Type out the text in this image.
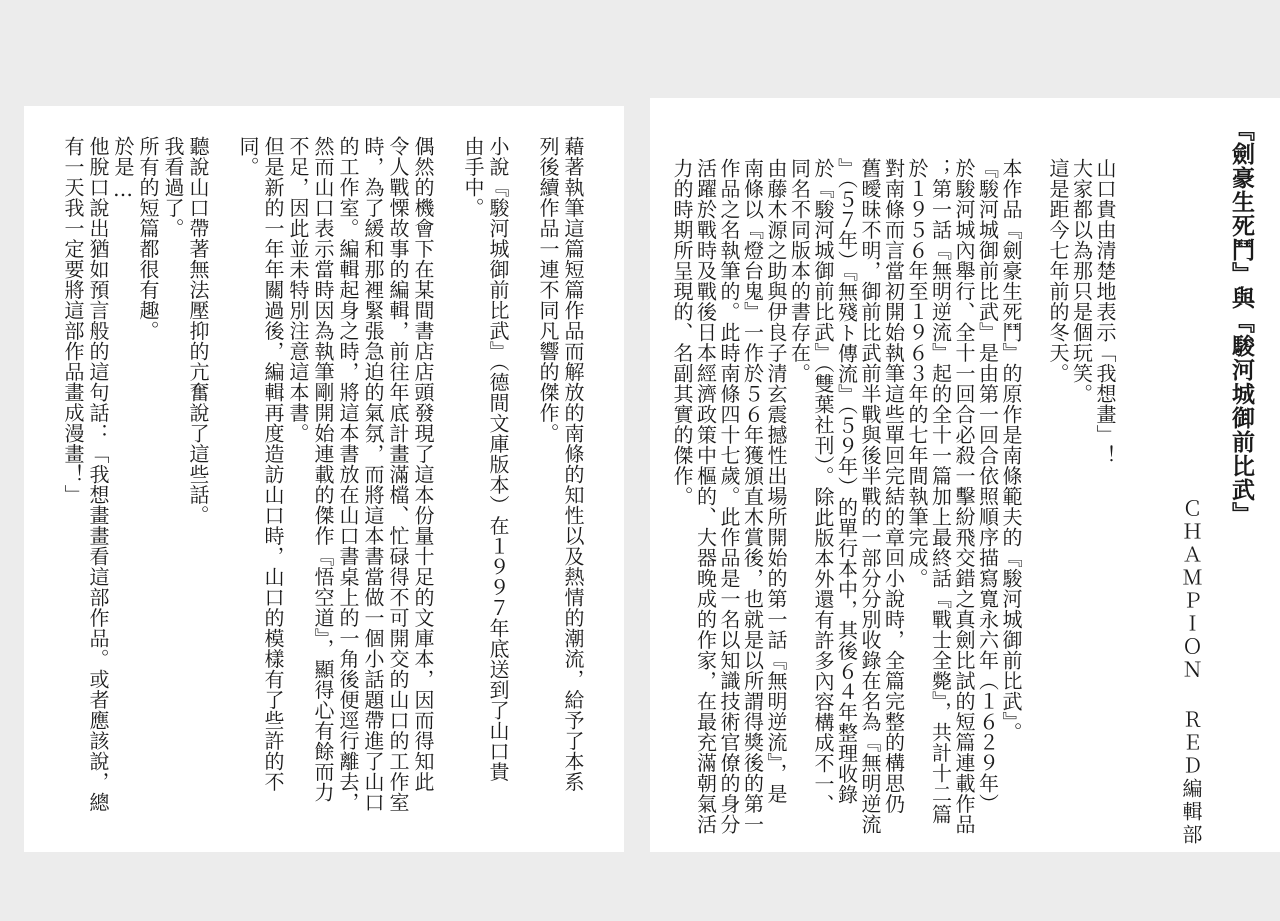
『劍豪生死鬥』與『駿河城御前比武』
ＣＨＡＭＰＩＯＮ ＲＥＤ編輯部
山口貴由清楚地表示「我想畫」！
大家都以為那只是個玩笑。
這是距今七年前的冬天。
本作品『劍豪生死鬥』的原作是南條範夫的『駿河城御前比武』。
『駿河城御前比武』是由第一回合依照順序描寫寬永六年（１６２９年）
於駿河城內舉行、全十一回合必殺一擊紛飛交錯之真劍比試的短篇連載作品
；第一話『無明逆流』起的全十一篇加上最終話『戰士全斃』，共計十二篇
於１９５６年至１９６３年的七年間執筆完成。
對南條而言當初開始執筆這些單回完結的章回小說時，全篇完整的構思仍
舊曖昧不明，御前比武前半戰與後半戰的一部分分別收錄在名為『無明逆流
』（５７年）『無殘ト傳流』（５９年）的單行本中，其後６４年整理收錄
於『駿河城御前比武』（雙葉社刊）。除此版本外還有許多內容構成不一、
同名不同版本的書存在。
由藤木源之助與伊良子清玄震撼性出場所開始的第一話『無明逆流』，是
南條以『燈台鬼』一作於５６年獲頒直木賞後，也就是以所謂得獎後的第一
作品之名執筆的。此時南條四十七歲。此作品是一名以知識技術官僚的身分
活躍於戰時及戰後日本經濟政策中樞的、大器晚成的作家，在最充滿朝氣活
力的時期所呈現的、名副其實的傑作。
藉著執筆這篇短篇作品而解放的南條的知性以及熱情的潮流，給予了本系
列後續作品一連不同凡響的傑作。
小說『駿河城御前比武』（德間文庫版本）在１９９７年底送到了山口貴
由手中。
偶然的機會下在某間書店店頭發現了這本份量十足的文庫本，因而得知此
令人戰慄故事的編輯，前往年底計畫滿檔、忙碌得不可開交的山口的工作室
時，為了緩和那裡緊張急迫的氣氛，而將這本書當做一個小話題帶進了山口
的工作室。編輯起身之時，將這本書放在山口書桌上的一角後便逕行離去，
然而山口表示當時因為執筆剛開始連載的傑作『悟空道』，顯得心有餘而力
不足，因此並未特別注意這本書。
但是新的一年年關過後，編輯再度造訪山口時，山口的模樣有了些許的不
同。
聽說山口帶著無法壓抑的亢奮說了這些話。
我看過了。
所有的短篇都很有趣。
於是…
他脫口說出猶如預言般的這句話：「我想畫畫看這部作品。或者應該說，總
有一天我一定要將這部作品畫成漫畫！」
